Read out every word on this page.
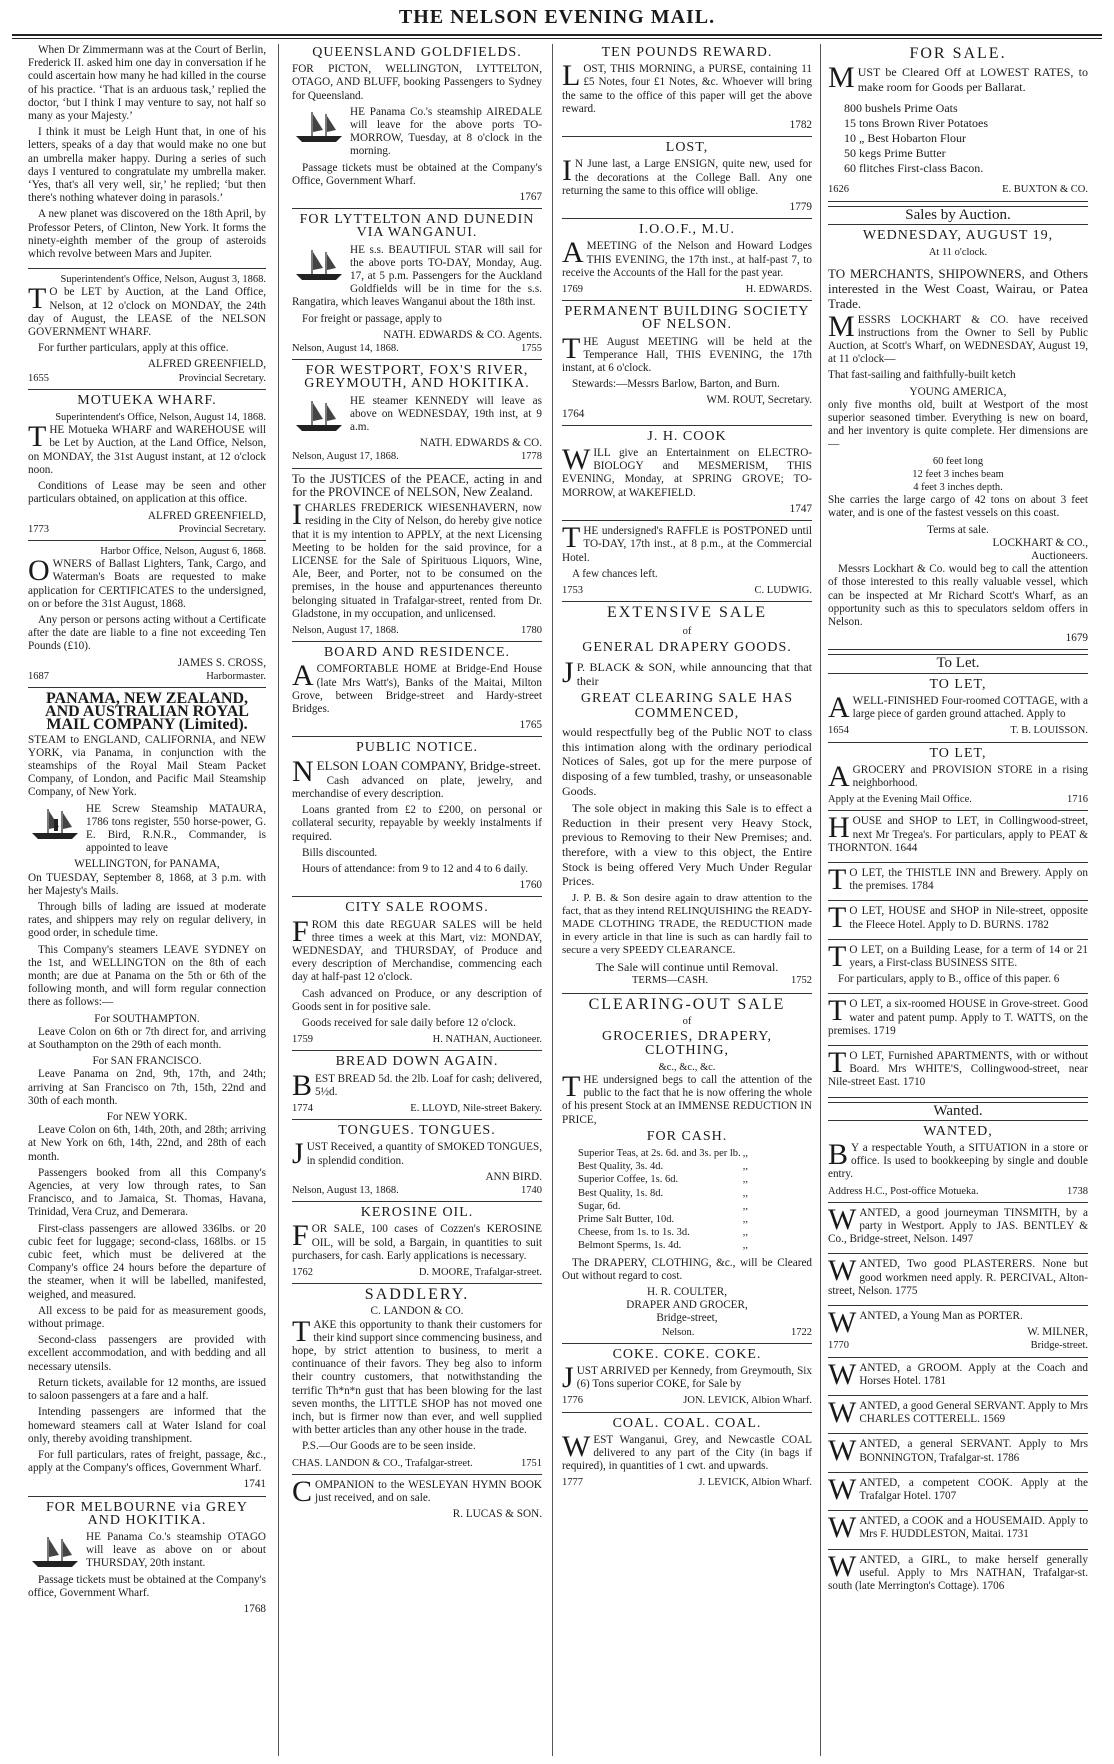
THE NELSON EVENING MAIL.

When Dr Zimmermann was at the Court of Berlin, Frederick II. asked him one day in conversation if he could ascertain how many he had killed in the course of his practice. ‘That is an arduous task,’ replied the doctor, ‘but I think I may venture to say, not half so many as your Majesty.’

I think it must be Leigh Hunt that, in one of his letters, speaks of a day that would make no one but an umbrella maker happy. During a series of such days I ventured to congratulate my umbrella maker. ‘Yes, that's all very well, sir,’ he replied; ‘but then there's nothing whatever doing in parasols.’

A new planet was discovered on the 18th April, by Professor Peters, of Clinton, New York. It forms the ninety-eighth member of the group of asteroids which revolve between Mars and Jupiter.

Superintendent's Office, Nelson, August 3, 1868.

T O be LET by Auction, at the Land Office, Nelson, at 12 o'clock on MONDAY, the 24th day of August, the LEASE of the NELSON GOVERNMENT WHARF.

For further particulars, apply at this office.

ALFRED GREENFIELD,
1655	Provincial Secretary.
MOTUEKA WHARF.
Superintendent's Office, Nelson, August 14, 1868.

THE Motueka WHARF and WAREHOUSE will be Let by Auction, at the Land Office, Nelson, on MONDAY, the 31st August instant, at 12 o'clock noon.

Conditions of Lease may be seen and other particulars obtained, on application at this office.

ALFRED GREENFIELD,
1773	Provincial Secretary.
Harbor Office, Nelson, August 6, 1868.

OWNERS of Ballast Lighters, Tank, Cargo, and Waterman's Boats are requested to make application for CERTIFICATES to the undersigned, on or before the 31st August, 1868.

Any person or persons acting without a Certificate after the date are liable to a fine not exceeding Ten Pounds (£10).

JAMES S. CROSS,
1687	Harbormaster.
PANAMA, NEW ZEALAND, AND AUSTRALIAN ROYAL MAIL COMPANY (Limited).

STEAM to ENGLAND, CALIFORNIA, and NEW YORK, via Panama, in conjunction with the steamships of the Royal Mail Steam Packet Company, of London, and Pacific Mail Steamship Company, of New York.

HE Screw Steamship MATAURA, 1786 tons register, 550 horse-power, G. E. Bird, R.N.R., Commander, is appointed to leave

WELLINGTON, for PANAMA,

On TUESDAY, September 8, 1868, at 3 p.m. with her Majesty's Mails.

Through bills of lading are issued at moderate rates, and shippers may rely on regular delivery, in good order, in schedule time.

This Company's steamers LEAVE SYDNEY on the 1st, and WELLINGTON on the 8th of each month; are due at Panama on the 5th or 6th of the following month, and will form regular connection there as follows:—

For SOUTHAMPTON.

Leave Colon on 6th or 7th direct for, and arriving at Southampton on the 29th of each month.

For SAN FRANCISCO.

Leave Panama on 2nd, 9th, 17th, and 24th; arriving at San Francisco on 7th, 15th, 22nd and 30th of each month.

For NEW YORK.

Leave Colon on 6th, 14th, 20th, and 28th; arriving at New York on 6th, 14th, 22nd, and 28th of each month.

Passengers booked from all this Company's Agencies, at very low through rates, to San Francisco, and to Jamaica, St. Thomas, Havana, Trinidad, Vera Cruz, and Demerara.

First-class passengers are allowed 336lbs. or 20 cubic feet for luggage; second-class, 168lbs. or 15 cubic feet, which must be delivered at the Company's office 24 hours before the departure of the steamer, when it will be labelled, manifested, weighed, and measured.

All excess to be paid for as measurement goods, without primage.

Second-class passengers are provided with excellent accommodation, and with bedding and all necessary utensils.

Return tickets, available for 12 months, are issued to saloon passengers at a fare and a half.

Intending passengers are informed that the homeward steamers call at Water Island for coal only, thereby avoiding transhipment.

For full particulars, rates of freight, passage, &c., apply at the Company's offices, Government Wharf.

1741
FOR MELBOURNE via GREY AND HOKITIKA.

HE Panama Co.'s steamship OTAGO will leave as above on or about THURSDAY, 20th instant.

Passage tickets must be obtained at the Company's office, Government Wharf.

1768
QUEENSLAND GOLDFIELDS.

FOR PICTON, WELLINGTON, LYTTELTON, OTAGO, AND BLUFF, booking Passengers to Sydney for Queensland.

HE Panama Co.'s steamship AIREDALE will leave for the above ports TO-MORROW, Tuesday, at 8 o'clock in the morning.

Passage tickets must be obtained at the Company's Office, Government Wharf.

1767
FOR LYTTELTON AND DUNEDIN VIA WANGANUI.

HE s.s. BEAUTIFUL STAR will sail for the above ports TO-DAY, Monday, Aug. 17, at 5 p.m. Passengers for the Auckland Goldfields will be in time for the s.s. Rangatira, which leaves Wanganui about the 18th inst.

For freight or passage, apply to

NATH. EDWARDS & CO. Agents.
Nelson, August 14, 1868.	1755
FOR WESTPORT, FOX'S RIVER, GREYMOUTH, AND HOKITIKA.

HE steamer KENNEDY will leave as above on WEDNESDAY, 19th inst, at 9 a.m.

NATH. EDWARDS & CO.
Nelson, August 17, 1868.	1778

To the JUSTICES of the PEACE, acting in and for the PROVINCE of NELSON, New Zealand.

ICHARLES FREDERICK WIESENHAVERN, now residing in the City of Nelson, do hereby give notice that it is my intention to APPLY, at the next Licensing Meeting to be holden for the said province, for a LICENSE for the Sale of Spirituous Liquors, Wine, Ale, Beer, and Porter, not to be consumed on the premises, in the house and appurtenances thereunto belonging situated in Trafalgar-street, rented from Dr. Gladstone, in my occupation, and unlicensed.

Nelson, August 17, 1868.	1780
BOARD AND RESIDENCE.

ACOMFORTABLE HOME at Bridge-End House (late Mrs Watt's), Banks of the Maitai, Milton Grove, between Bridge-street and Hardy-street Bridges.

1765
PUBLIC NOTICE.

NELSON LOAN COMPANY, Bridge-street.

Cash advanced on plate, jewelry, and merchandise of every description.

Loans granted from £2 to £200, on personal or collateral security, repayable by weekly instalments if required.

Bills discounted.

Hours of attendance: from 9 to 12 and 4 to 6 daily.

1760
CITY SALE ROOMS.

FROM this date REGUAR SALES will be held three times a week at this Mart, viz: MONDAY, WEDNESDAY, and THURSDAY, of Produce and every description of Merchandise, commencing each day at half-past 12 o'clock.

Cash advanced on Produce, or any description of Goods sent in for positive sale.

Goods received for sale daily before 12 o'clock.

1759	H. NATHAN, Auctioneer.
BREAD DOWN AGAIN.

BEST BREAD 5d. the 2lb. Loaf for cash; delivered, 5½d.

1774	E. LLOYD, Nile-street Bakery.
TONGUES. TONGUES.

JUST Received, a quantity of SMOKED TONGUES, in splendid condition.

ANN BIRD.
Nelson, August 13, 1868.	1740
KEROSINE OIL.

FOR SALE, 100 cases of Cozzen's KEROSINE OIL, will be sold, a Bargain, in quantities to suit purchasers, for cash. Early applications is necessary.

1762	D. MOORE, Trafalgar-street.
SADDLERY.
C. LANDON & CO.

TAKE this opportunity to thank their customers for their kind support since commencing business, and hope, by strict attention to business, to merit a continuance of their favors. They beg also to inform their country customers, that notwithstanding the terrific Th*n*n gust that has been blowing for the last seven months, the LITTLE SHOP has not moved one inch, but is firmer now than ever, and well supplied with better articles than any other house in the trade.

P.S.—Our Goods are to be seen inside.

CHAS. LANDON & CO., Trafalgar-street.	1751

COMPANION to the WESLEYAN HYMN BOOK just received, and on sale.

R. LUCAS & SON.
TEN POUNDS REWARD.

LOST, THIS MORNING, a PURSE, containing 11 £5 Notes, four £1 Notes, &c. Whoever will bring the same to the office of this paper will get the above reward.

1782
LOST,

I N June last, a Large ENSIGN, quite new, used for the decorations at the College Ball. Any one returning the same to this office will oblige.

1779
I.O.O.F., M.U.

AMEETING of the Nelson and Howard Lodges THIS EVENING, the 17th inst., at half-past 7, to receive the Accounts of the Hall for the past year.

1769	H. EDWARDS.
PERMANENT BUILDING SOCIETY OF NELSON.

THE August MEETING will be held at the Temperance Hall, THIS EVENING, the 17th instant, at 6 o'clock.

Stewards:—Messrs Barlow, Barton, and Burn.

WM. ROUT, Secretary.
1764
J. H. COOK

WILL give an Entertainment on ELECTRO-BIOLOGY and MESMERISM, THIS EVENING, Monday, at SPRING GROVE; TO-MORROW, at WAKEFIELD.

1747

THE undersigned's RAFFLE is POSTPONED until TO-DAY, 17th inst., at 8 p.m., at the Commercial Hotel.

A few chances left.

1753	C. LUDWIG.
EXTENSIVE SALE
of
GENERAL DRAPERY GOODS.

J P. BLACK & SON, while announcing that that their

GREAT CLEARING SALE HAS COMMENCED,

would respectfully beg of the Public NOT to class this intimation along with the ordinary periodical Notices of Sales, got up for the mere purpose of disposing of a few tumbled, trashy, or unseasonable Goods.

The sole object in making this Sale is to effect a Reduction in their present very Heavy Stock, previous to Removing to their New Premises; and. therefore, with a view to this object, the Entire Stock is being offered Very Much Under Regular Prices.

J. P. B. & Son desire again to draw attention to the fact, that as they intend RELINQUISHING the READY-MADE CLOTHING TRADE, the REDUCTION made in every article in that line is such as can hardly fail to secure a very SPEEDY CLEARANCE.

The Sale will continue until Removal.
TERMS—CASH.	1752
CLEARING-OUT SALE
of
GROCERIES, DRAPERY, CLOTHING,
&c., &c., &c.

THE undersigned begs to call the attention of the public to the fact that he is now offering the whole of his present Stock at an IMMENSE REDUCTION IN PRICE,

FOR CASH.
Superior Teas, at 2s. 6d. and 3s. per lb. ,,
Best Quality, 3s. 4d.	,,
Superior Coffee, 1s. 6d.	,,
Best Quality, 1s. 8d.	,,
Sugar, 6d.	,,
Prime Salt Butter, 10d.	,,
Cheese, from 1s. to 1s. 3d.	,,
Belmont Sperms, 1s. 4d.	,,

The DRAPERY, CLOTHING, &c., will be Cleared Out without regard to cost.

H. R. COULTER,
DRAPER AND GROCER,
Bridge-street,
Nelson.	1722
COKE. COKE. COKE.

JUST ARRIVED per Kennedy, from Greymouth, Six (6) Tons superior COKE, for Sale by

1776	JON. LEVICK, Albion Wharf.
COAL. COAL. COAL.

WEST Wanganui, Grey, and Newcastle COAL delivered to any part of the City (in bags if required), in quantities of 1 cwt. and upwards.

1777	J. LEVICK, Albion Wharf.
FOR SALE.

MUST be Cleared Off at LOWEST RATES, to make room for Goods per Ballarat.

800 bushels Prime Oats
15 tons Brown River Potatoes
10 „ Best Hobarton Flour
50 kegs Prime Butter
60 flitches First-class Bacon.
1626	E. BUXTON & CO.
Sales by Auction.
WEDNESDAY, AUGUST 19,
At 11 o'clock.

TO MERCHANTS, SHIPOWNERS, and Others interested in the West Coast, Wairau, or Patea Trade.

MESSRS LOCKHART & CO. have received instructions from the Owner to Sell by Public Auction, at Scott's Wharf, on WEDNESDAY, August 19, at 11 o'clock—

That fast-sailing and faithfully-built ketch

YOUNG AMERICA,

only five months old, built at Westport of the most superior seasoned timber. Everything is new on board, and her inventory is quite complete. Her dimensions are—

60 feet long
12 feet 3 inches beam
4 feet 3 inches depth.

She carries the large cargo of 42 tons on about 3 feet water, and is one of the fastest vessels on this coast.

Terms at sale.
LOCKHART & CO.,
Auctioneers.

Messrs Lockhart & Co. would beg to call the attention of those interested to this really valuable vessel, which can be inspected at Mr Richard Scott's Wharf, as an opportunity such as this to speculators seldom offers in Nelson.

1679
To Let.
TO LET,

AWELL-FINISHED Four-roomed COTTAGE, with a large piece of garden ground attached. Apply to

1654	T. B. LOUISSON.
TO LET,

AGROCERY and PROVISION STORE in a rising neighborhood.

Apply at the Evening Mail Office.	1716

HOUSE and SHOP to LET, in Collingwood-street, next Mr Tregea's. For particulars, apply to PEAT & THORNTON. 1644

T O LET, the THISTLE INN and Brewery. Apply on the premises. 1784

T O LET, HOUSE and SHOP in Nile-street, opposite the Fleece Hotel. Apply to D. BURNS. 1782

T O LET, on a Building Lease, for a term of 14 or 21 years, a First-class BUSINESS SITE.

For particulars, apply to B., office of this paper. 6

T O LET, a six-roomed HOUSE in Grove-street. Good water and patent pump. Apply to T. WATTS, on the premises. 1719

T O LET, Furnished APARTMENTS, with or without Board. Mrs WHITE'S, Collingwood-street, near Nile-street East. 1710

Wanted.
WANTED,

B Y a respectable Youth, a SITUATION in a store or office. Is used to bookkeeping by single and double entry.

Address H.C., Post-office Motueka.	1738

WANTED, a good journeyman TINSMITH, by a party in Westport. Apply to JAS. BENTLEY & Co., Bridge-street, Nelson. 1497

WANTED, Two good PLASTERERS. None but good workmen need apply. R. PERCIVAL, Alton-street, Nelson. 1775

WANTED, a Young Man as PORTER.

W. MILNER,
1770	Bridge-street.

WANTED, a GROOM. Apply at the Coach and Horses Hotel. 1781

WANTED, a good General SERVANT. Apply to Mrs CHARLES COTTERELL. 1569

WANTED, a general SERVANT. Apply to Mrs BONNINGTON, Trafalgar-st. 1786

WANTED, a competent COOK. Apply at the Trafalgar Hotel. 1707

WANTED, a COOK and a HOUSEMAID. Apply to Mrs F. HUDDLESTON, Maitai. 1731

WANTED, a GIRL, to make herself generally useful. Apply to Mrs NATHAN, Trafalgar-st. south (late Merrington's Cottage). 1706
